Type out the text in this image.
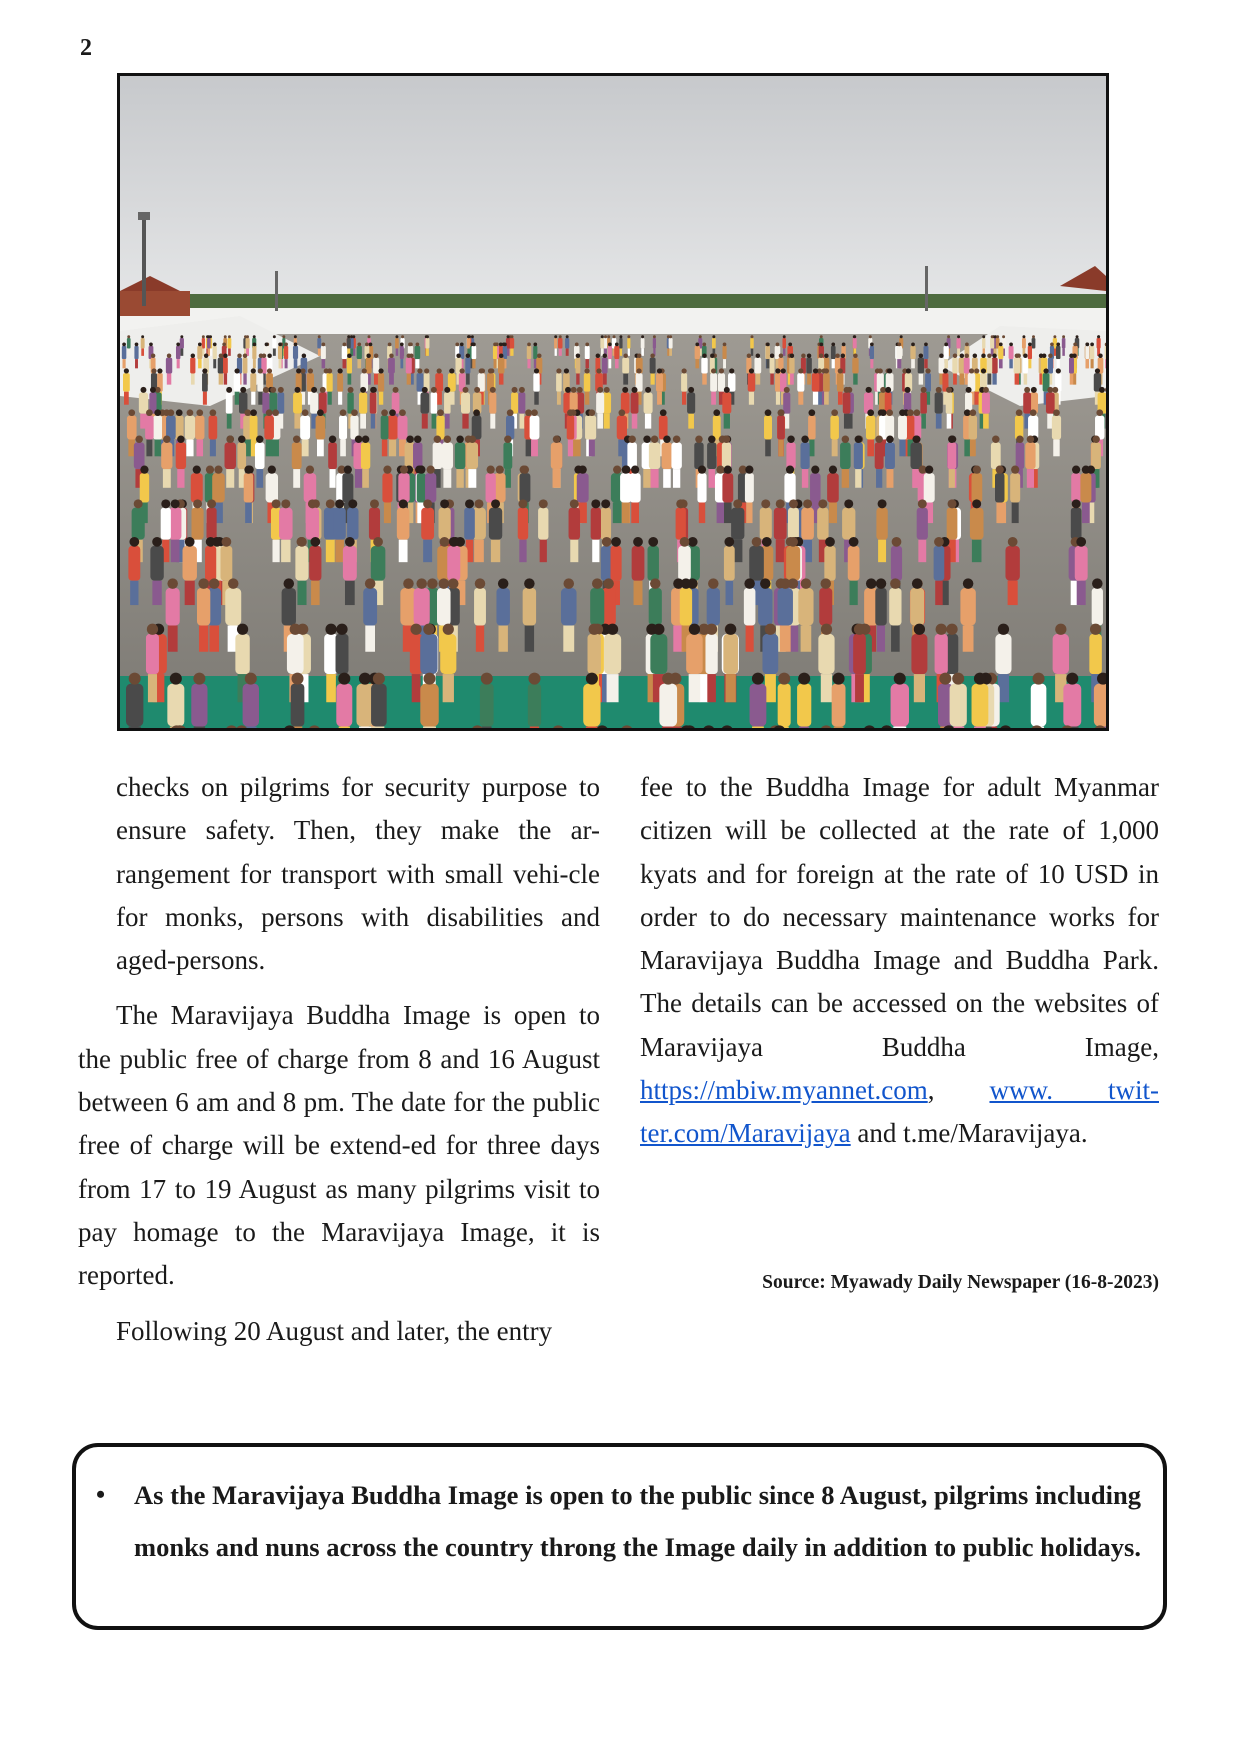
2

checks on pilgrims for security purpose to ensure safety. Then, they make the ar-rangement for transport with small vehi-cle for monks, persons with disabilities and aged-persons.

The Maravijaya Buddha Image is open to the public free of charge from 8 and 16 August between 6 am and 8 pm. The date for the public free of charge will be extend-ed for three days from 17 to 19 August as many pilgrims visit to pay homage to the Maravijaya Image, it is reported.

Following 20 August and later, the entry

fee to the Buddha Image for adult Myanmar citizen will be collected at the rate of 1,000 kyats and for foreign at the rate of 10 USD in order to do necessary maintenance works for Maravijaya Buddha Image and Buddha Park. The details can be accessed on the websites of Maravijaya Buddha Image, https://mbiw.myannet.com, www. twit-ter.com/Maravijaya and t.me/Maravijaya.

Source: Myawady Daily Newspaper (16-8-2023)
•	As the Maravijaya Buddha Image is open to the public since 8 August, pilgrims including monks and nuns across the country throng the Image daily in addition to public holidays.
